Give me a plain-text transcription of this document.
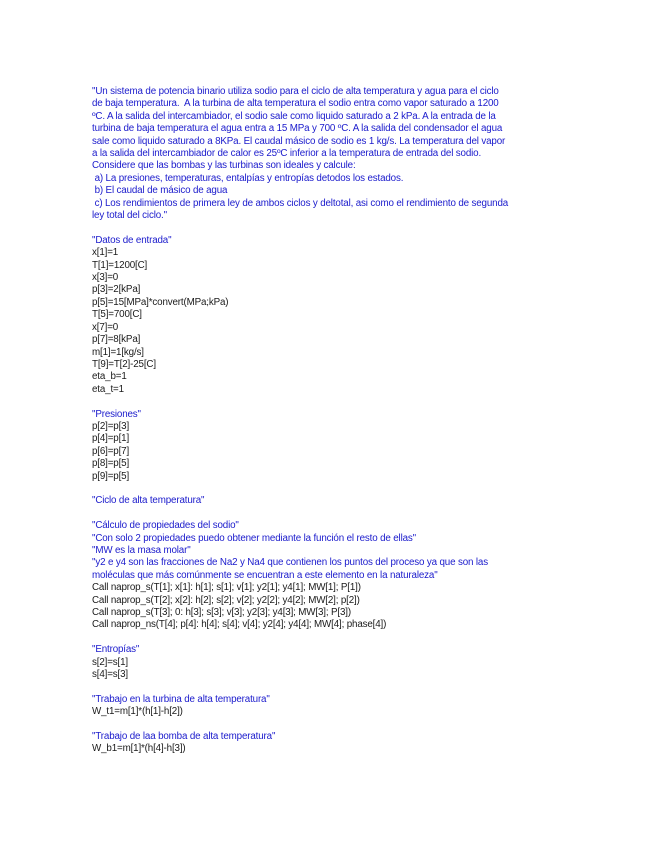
"Un sistema de potencia binario utiliza sodio para el ciclo de alta temperatura y agua para el ciclo
de baja temperatura.  A la turbina de alta temperatura el sodio entra como vapor saturado a 1200
ºC. A la salida del intercambiador, el sodio sale como liquido saturado a 2 kPa. A la entrada de la
turbina de baja temperatura el agua entra a 15 MPa y 700 ºC. A la salida del condensador el agua
sale como liquido saturado a 8KPa. El caudal másico de sodio es 1 kg/s. La temperatura del vapor
a la salida del intercambiador de calor es 25ºC inferior a la temperatura de entrada del sodio.
Considere que las bombas y las turbinas son ideales y calcule:
a) La presiones, temperaturas, entalpías y entropías detodos los estados.
b) El caudal de másico de agua
c) Los rendimientos de primera ley de ambos ciclos y deltotal, asi como el rendimiento de segunda
ley total del ciclo."
"Datos de entrada"
x[1]=1
T[1]=1200[C]
x[3]=0
p[3]=2[kPa]
p[5]=15[MPa]*convert(MPa;kPa)
T[5]=700[C]
x[7]=0
p[7]=8[kPa]
m[1]=1[kg/s]
T[9]=T[2]-25[C]
eta_b=1
eta_t=1
"Presiones"
p[2]=p[3]
p[4]=p[1]
p[6]=p[7]
p[8]=p[5]
p[9]=p[5]
"Ciclo de alta temperatura"
"Cálculo de propiedades del sodio"
"Con solo 2 propiedades puedo obtener mediante la función el resto de ellas"
"MW es la masa molar"
"y2 e y4 son las fracciones de Na2 y Na4 que contienen los puntos del proceso ya que son las
moléculas que más comúnmente se encuentran a este elemento en la naturaleza"
Call naprop_s(T[1]; x[1]: h[1]; s[1]; v[1]; y2[1]; y4[1]; MW[1]; P[1])
Call naprop_s(T[2]; x[2]: h[2]; s[2]; v[2]; y2[2]; y4[2]; MW[2]; p[2])
Call naprop_s(T[3]; 0: h[3]; s[3]; v[3]; y2[3]; y4[3]; MW[3]; P[3])
Call naprop_ns(T[4]; p[4]: h[4]; s[4]; v[4]; y2[4]; y4[4]; MW[4]; phase[4])
"Entropías"
s[2]=s[1]
s[4]=s[3]
"Trabajo en la turbina de alta temperatura"
W_t1=m[1]*(h[1]-h[2])
"Trabajo de laa bomba de alta temperatura"
W_b1=m[1]*(h[4]-h[3])
